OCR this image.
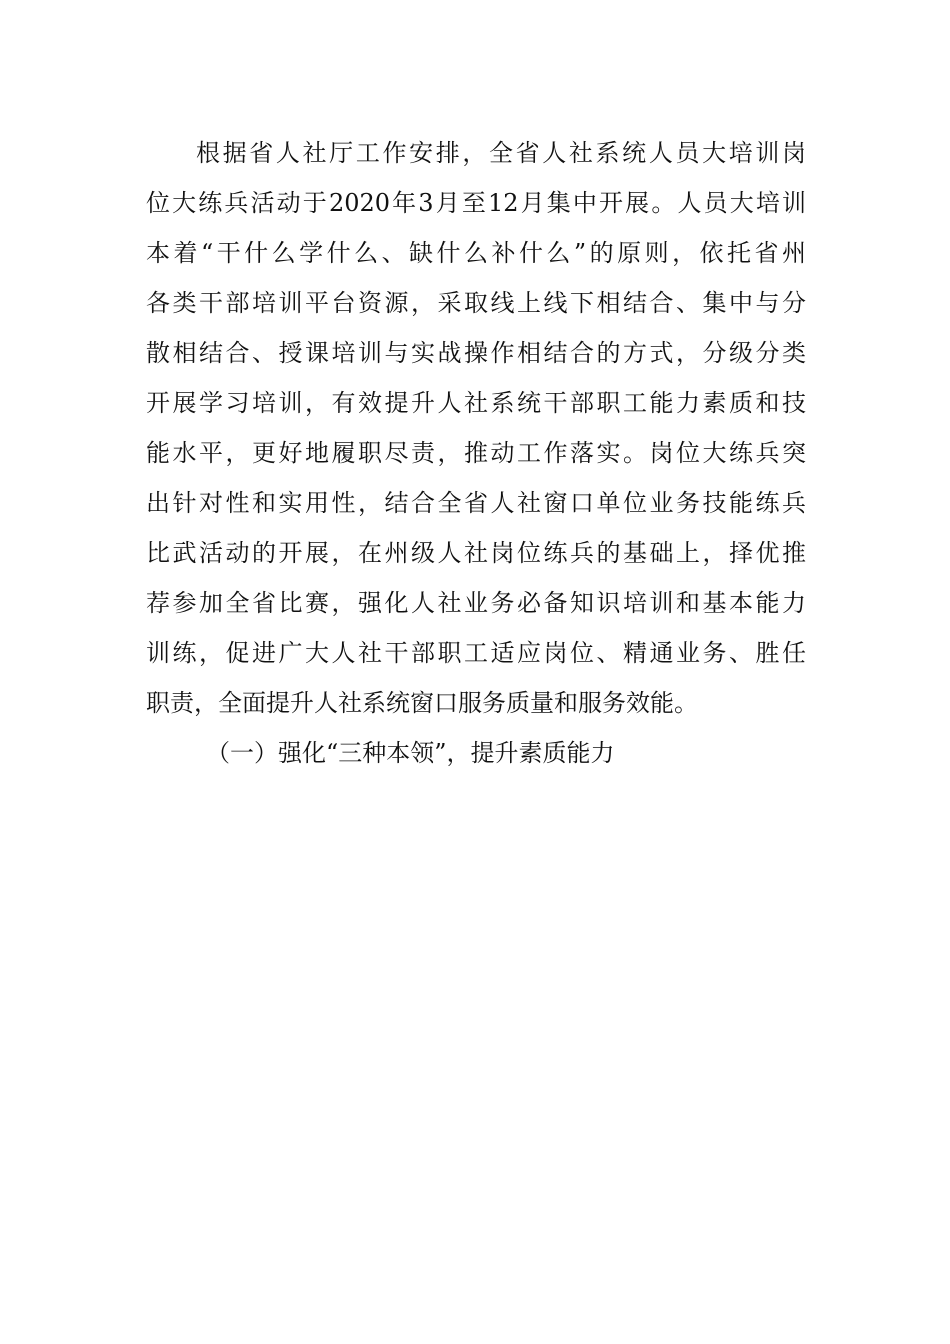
根据省人社厅工作安排，全省人社系统人员大培训岗
位大练兵活动于2020年3月至12月集中开展。人员大培训
本着“干什么学什么、缺什么补什么”的原则，依托省州
各类干部培训平台资源，采取线上线下相结合、集中与分
散相结合、授课培训与实战操作相结合的方式，分级分类
开展学习培训，有效提升人社系统干部职工能力素质和技
能水平，更好地履职尽责，推动工作落实。岗位大练兵突
出针对性和实用性，结合全省人社窗口单位业务技能练兵
比武活动的开展，在州级人社岗位练兵的基础上，择优推
荐参加全省比赛，强化人社业务必备知识培训和基本能力
训练，促进广大人社干部职工适应岗位、精通业务、胜任
职责，全面提升人社系统窗口服务质量和服务效能。
（一）强化“三种本领”，提升素质能力
